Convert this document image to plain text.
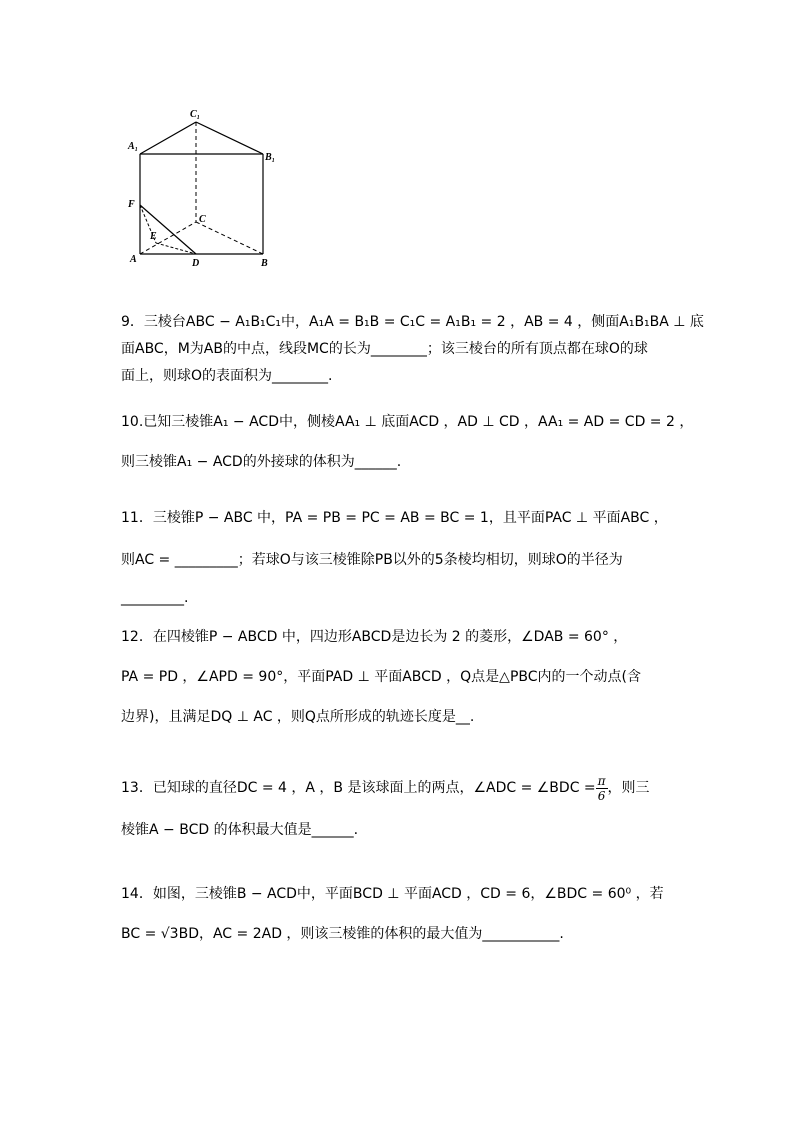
C₁
A₁
B₁
F
C
E
A	D	B
9．三棱台ABC − A₁B₁C₁中，A₁A = B₁B = C₁C = A₁B₁ = 2 ，AB = 4 ，侧面A₁B₁BA ⊥ 底
面ABC，M为AB的中点，线段MC的长为________；该三棱台的所有顶点都在球O的球
面上，则球O的表面积为________.
10.已知三棱锥A₁ − ACD中，侧棱AA₁ ⊥ 底面ACD ，AD ⊥ CD ，AA₁ = AD = CD = 2 ，
则三棱锥A₁ − ACD的外接球的体积为______.
11．三棱锥P − ABC 中，PA = PB = PC = AB = BC = 1，且平面PAC ⊥ 平面ABC ，
则AC = _________；若球O与该三棱锥除PB以外的5条棱均相切，则球O的半径为
_________.
12．在四棱锥P − ABCD 中，四边形ABCD是边长为 2 的菱形，∠DAB = 60° ，
PA = PD ，∠APD = 90°，平面PAD ⊥ 平面ABCD ，Q点是△PBC内的一个动点(含
边界)，且满足DQ ⊥ AC ，则Q点所形成的轨迹长度是__.
13．已知球的直径DC = 4 ，A ，B 是该球面上的两点，∠ADC = ∠BDC = $\frac{\pi}{6}$ ，则三
棱锥A − BCD 的体积最大值是______.
14．如图，三棱锥B − ACD中，平面BCD ⊥ 平面ACD ，CD = 6，∠BDC = 60⁰ ，若
BC = √3BD，AC = 2AD ，则该三棱锥的体积的最大值为___________.
